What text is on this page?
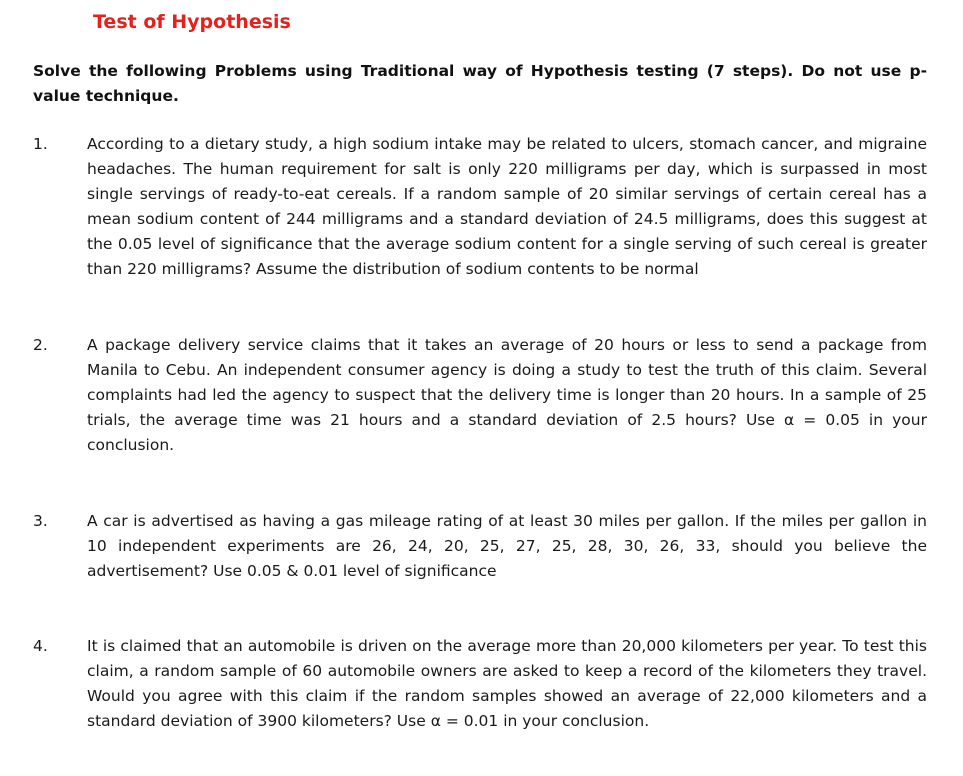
Test of Hypothesis
Solve the following Problems using Traditional way of Hypothesis testing (7 steps). Do not use p-value technique.
1.	According to a dietary study, a high sodium intake may be related to ulcers, stomach cancer, and migraine headaches. The human requirement for salt is only 220 milligrams per day, which is surpassed in most single servings of ready-to-eat cereals. If a random sample of 20 similar servings of certain cereal has a mean sodium content of 244 milligrams and a standard deviation of 24.5 milligrams, does this suggest at the 0.05 level of significance that the average sodium content for a single serving of such cereal is greater than 220 milligrams? Assume the distribution of sodium contents to be normal
2.	A package delivery service claims that it takes an average of 20 hours or less to send a package from Manila to Cebu. An independent consumer agency is doing a study to test the truth of this claim. Several complaints had led the agency to suspect that the delivery time is longer than 20 hours. In a sample of 25 trials, the average time was 21 hours and a standard deviation of 2.5 hours? Use α = 0.05 in your conclusion.
3.	A car is advertised as having a gas mileage rating of at least 30 miles per gallon. If the miles per gallon in 10 independent experiments are 26, 24, 20, 25, 27, 25, 28, 30, 26, 33, should you believe the advertisement? Use 0.05 & 0.01 level of significance
4.	It is claimed that an automobile is driven on the average more than 20,000 kilometers per year. To test this claim, a random sample of 60 automobile owners are asked to keep a record of the kilometers they travel. Would you agree with this claim if the random samples showed an average of 22,000 kilometers and a standard deviation of 3900 kilometers? Use α = 0.01 in your conclusion.
